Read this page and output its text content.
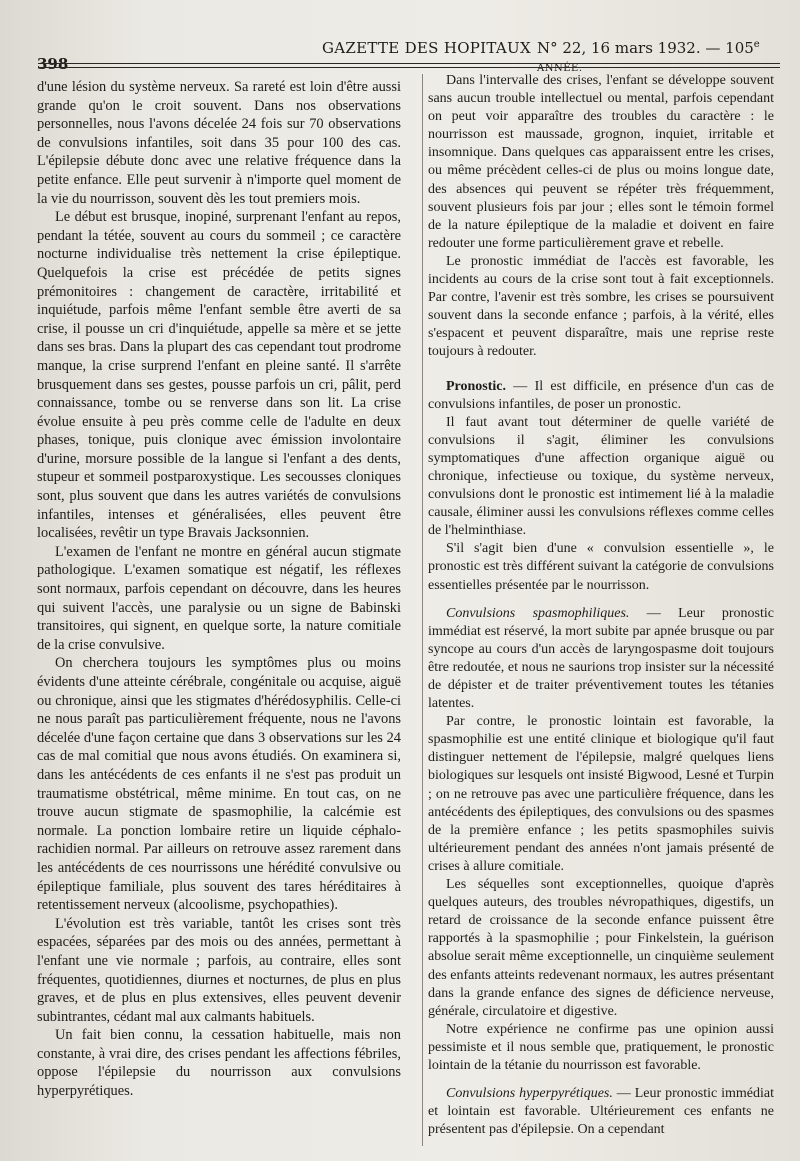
398
GAZETTE DES HOPITAUX N° 22, 16 mars 1932. — 105e ANNÉE.

d'une lésion du système nerveux. Sa rareté est loin d'être aussi grande qu'on le croit souvent. Dans nos observations personnelles, nous l'avons décelée 24 fois sur 70 observations de convulsions infantiles, soit dans 35 pour 100 des cas. L'épilepsie débute donc avec une relative fréquence dans la petite enfance. Elle peut survenir à n'importe quel moment de la vie du nourrisson, souvent dès les tout premiers mois.

Le début est brusque, inopiné, surprenant l'enfant au repos, pendant la tétée, souvent au cours du sommeil ; ce caractère nocturne individualise très nettement la crise épileptique. Quelquefois la crise est précédée de petits signes prémonitoires : changement de caractère, irritabilité et inquiétude, parfois même l'enfant semble être averti de sa crise, il pousse un cri d'inquiétude, appelle sa mère et se jette dans ses bras. Dans la plupart des cas cependant tout prodrome manque, la crise surprend l'enfant en pleine santé. Il s'arrête brusquement dans ses gestes, pousse parfois un cri, pâlit, perd connaissance, tombe ou se renverse dans son lit. La crise évolue ensuite à peu près comme celle de l'adulte en deux phases, tonique, puis clonique avec émission involontaire d'urine, morsure possible de la langue si l'enfant a des dents, stupeur et sommeil postparoxystique. Les secousses cloniques sont, plus souvent que dans les autres variétés de convulsions infantiles, intenses et généralisées, elles peuvent être localisées, revêtir un type Bravais Jacksonnien.

L'examen de l'enfant ne montre en général aucun stigmate pathologique. L'examen somatique est négatif, les réflexes sont normaux, parfois cependant on découvre, dans les heures qui suivent l'accès, une paralysie ou un signe de Babinski transitoires, qui signent, en quelque sorte, la nature comitiale de la crise convulsive.

On cherchera toujours les symptômes plus ou moins évidents d'une atteinte cérébrale, congénitale ou acquise, aiguë ou chronique, ainsi que les stigmates d'hérédosyphilis. Celle-ci ne nous paraît pas particulièrement fréquente, nous ne l'avons décelée d'une façon certaine que dans 3 observations sur les 24 cas de mal comitial que nous avons étudiés. On examinera si, dans les antécédents de ces enfants il ne s'est pas produit un traumatisme obstétrical, même minime. En tout cas, on ne trouve aucun stigmate de spasmophilie, la calcémie est normale. La ponction lombaire retire un liquide céphalo-rachidien normal. Par ailleurs on retrouve assez rarement dans les antécédents de ces nourrissons une hérédité convulsive ou épileptique familiale, plus souvent des tares héréditaires à retentissement nerveux (alcoolisme, psychopathies).

L'évolution est très variable, tantôt les crises sont très espacées, séparées par des mois ou des années, permettant à l'enfant une vie normale ; parfois, au contraire, elles sont fréquentes, quotidiennes, diurnes et nocturnes, de plus en plus graves, et de plus en plus extensives, elles peuvent devenir subintrantes, cédant mal aux calmants habituels.

Un fait bien connu, la cessation habituelle, mais non constante, à vrai dire, des crises pendant les affections fébriles, oppose l'épilepsie du nourrisson aux convulsions hyperpyrétiques.

Dans l'intervalle des crises, l'enfant se développe souvent sans aucun trouble intellectuel ou mental, parfois cependant on peut voir apparaître des troubles du caractère : le nourrisson est maussade, grognon, inquiet, irritable et insomnique. Dans quelques cas apparaissent entre les crises, ou même précèdent celles-ci de plus ou moins longue date, des absences qui peuvent se répéter très fréquemment, souvent plusieurs fois par jour ; elles sont le témoin formel de la nature épileptique de la maladie et doivent en faire redouter une forme particulièrement grave et rebelle.

Le pronostic immédiat de l'accès est favorable, les incidents au cours de la crise sont tout à fait exceptionnels. Par contre, l'avenir est très sombre, les crises se poursuivent souvent dans la seconde enfance ; parfois, à la vérité, elles s'espacent et peuvent disparaître, mais une reprise reste toujours à redouter.

Pronostic. — Il est difficile, en présence d'un cas de convulsions infantiles, de poser un pronostic.

Il faut avant tout déterminer de quelle variété de convulsions il s'agit, éliminer les convulsions symptomatiques d'une affection organique aiguë ou chronique, infectieuse ou toxique, du système nerveux, convulsions dont le pronostic est intimement lié à la maladie causale, éliminer aussi les convulsions réflexes comme celles de l'helminthiase.

S'il s'agit bien d'une « convulsion essentielle », le pronostic est très différent suivant la catégorie de convulsions essentielles présentée par le nourrisson.

Convulsions spasmophiliques. — Leur pronostic immédiat est réservé, la mort subite par apnée brusque ou par syncope au cours d'un accès de laryngospasme doit toujours être redoutée, et nous ne saurions trop insister sur la nécessité de dépister et de traiter préventivement toutes les tétanies latentes.

Par contre, le pronostic lointain est favorable, la spasmophilie est une entité clinique et biologique qu'il faut distinguer nettement de l'épilepsie, malgré quelques liens biologiques sur lesquels ont insisté Bigwood, Lesné et Turpin ; on ne retrouve pas avec une particulière fréquence, dans les antécédents des épileptiques, des convulsions ou des spasmes de la première enfance ; les petits spasmophiles suivis ultérieurement pendant des années n'ont jamais présenté de crises à allure comitiale.

Les séquelles sont exceptionnelles, quoique d'après quelques auteurs, des troubles névropathiques, digestifs, un retard de croissance de la seconde enfance puissent être rapportés à la spasmophilie ; pour Finkelstein, la guérison absolue serait même exceptionnelle, un cinquième seulement des enfants atteints redevenant normaux, les autres présentant dans la grande enfance des signes de déficience nerveuse, générale, circulatoire et digestive.

Notre expérience ne confirme pas une opinion aussi pessimiste et il nous semble que, pratiquement, le pronostic lointain de la tétanie du nourrisson est favorable.

Convulsions hyperpyrétiques. — Leur pronostic immédiat et lointain est favorable. Ultérieurement ces enfants ne présentent pas d'épilepsie. On a cependant
